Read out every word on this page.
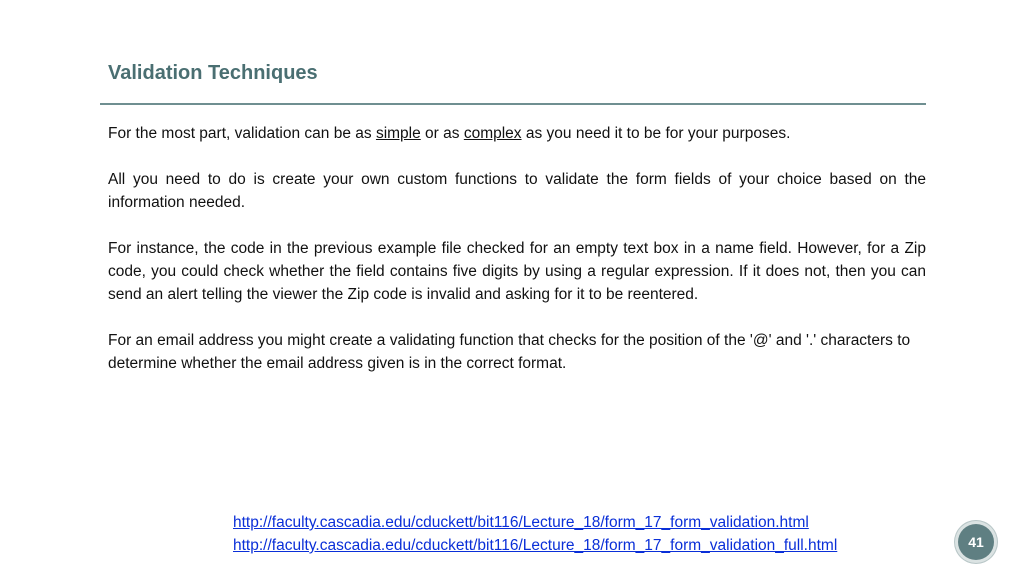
Validation Techniques

For the most part, validation can be as simple or as complex as you need it to be for your purposes.

All you need to do is create your own custom functions to validate the form fields of your choice based on the information needed.

For instance, the code in the previous example file checked for an empty text box in a name field. However, for a Zip code, you could check whether the field contains five digits by using a regular expression. If it does not, then you can send an alert telling the viewer the Zip code is invalid and asking for it to be reentered.

For an email address you might create a validating function that checks for the position of the '@' and '.' characters to determine whether the email address given is in the correct format.

http://faculty.cascadia.edu/cduckett/bit116/Lecture_18/form_17_form_validation.html
http://faculty.cascadia.edu/cduckett/bit116/Lecture_18/form_17_form_validation_full.html	41
